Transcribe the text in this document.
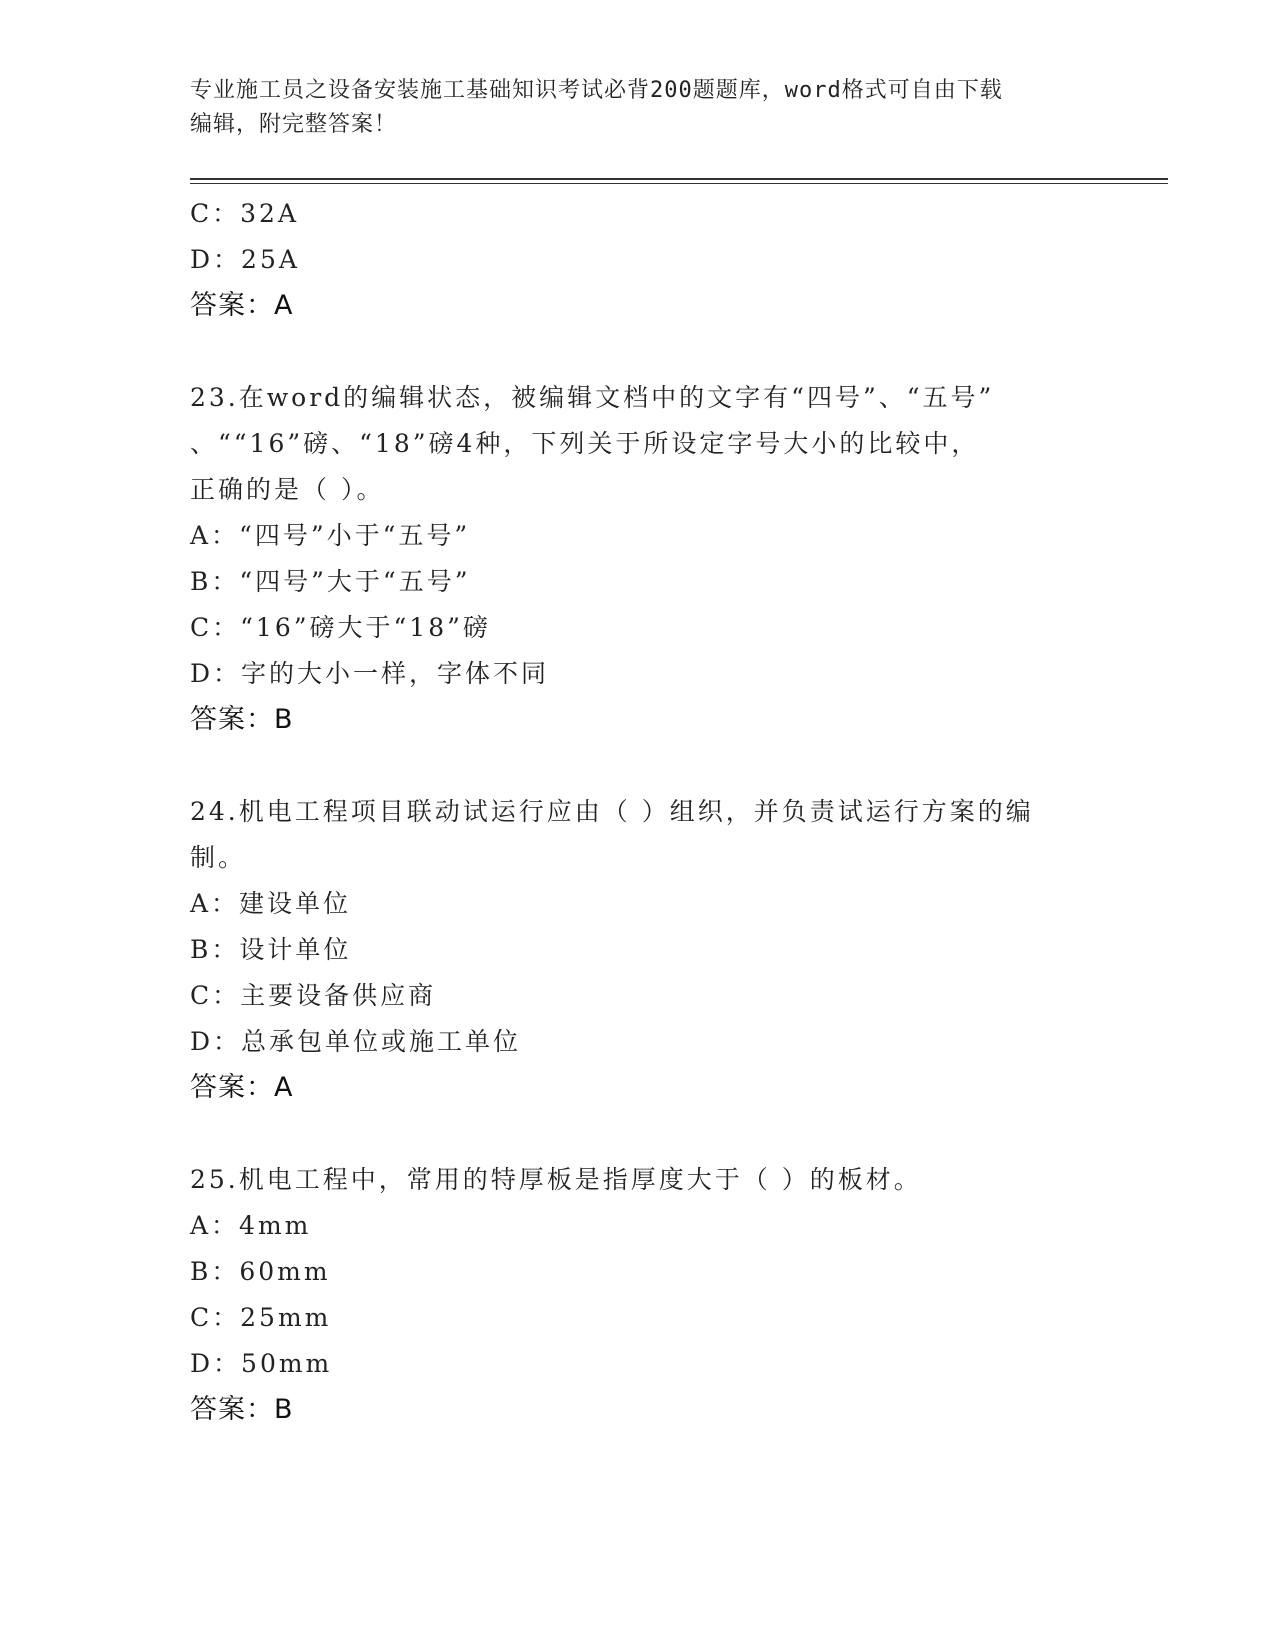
专业施工员之设备安装施工基础知识考试必背200题题库，word格式可自由下载
编辑，附完整答案！
C：32A
D：25A
答案：A
23.在word的编辑状态，被编辑文档中的文字有“四号”、“五号”
、““16”磅、“18”磅4种，下列关于所设定字号大小的比较中，
正确的是（ ）。
A：“四号”小于“五号”
B：“四号”大于“五号”
C：“16”磅大于“18”磅
D：字的大小一样，字体不同
答案：B
24.机电工程项目联动试运行应由（ ）组织，并负责试运行方案的编
制。
A：建设单位
B：设计单位
C：主要设备供应商
D：总承包单位或施工单位
答案：A
25.机电工程中，常用的特厚板是指厚度大于（ ）的板材。
A：4mm
B：60mm
C：25mm
D：50mm
答案：B
